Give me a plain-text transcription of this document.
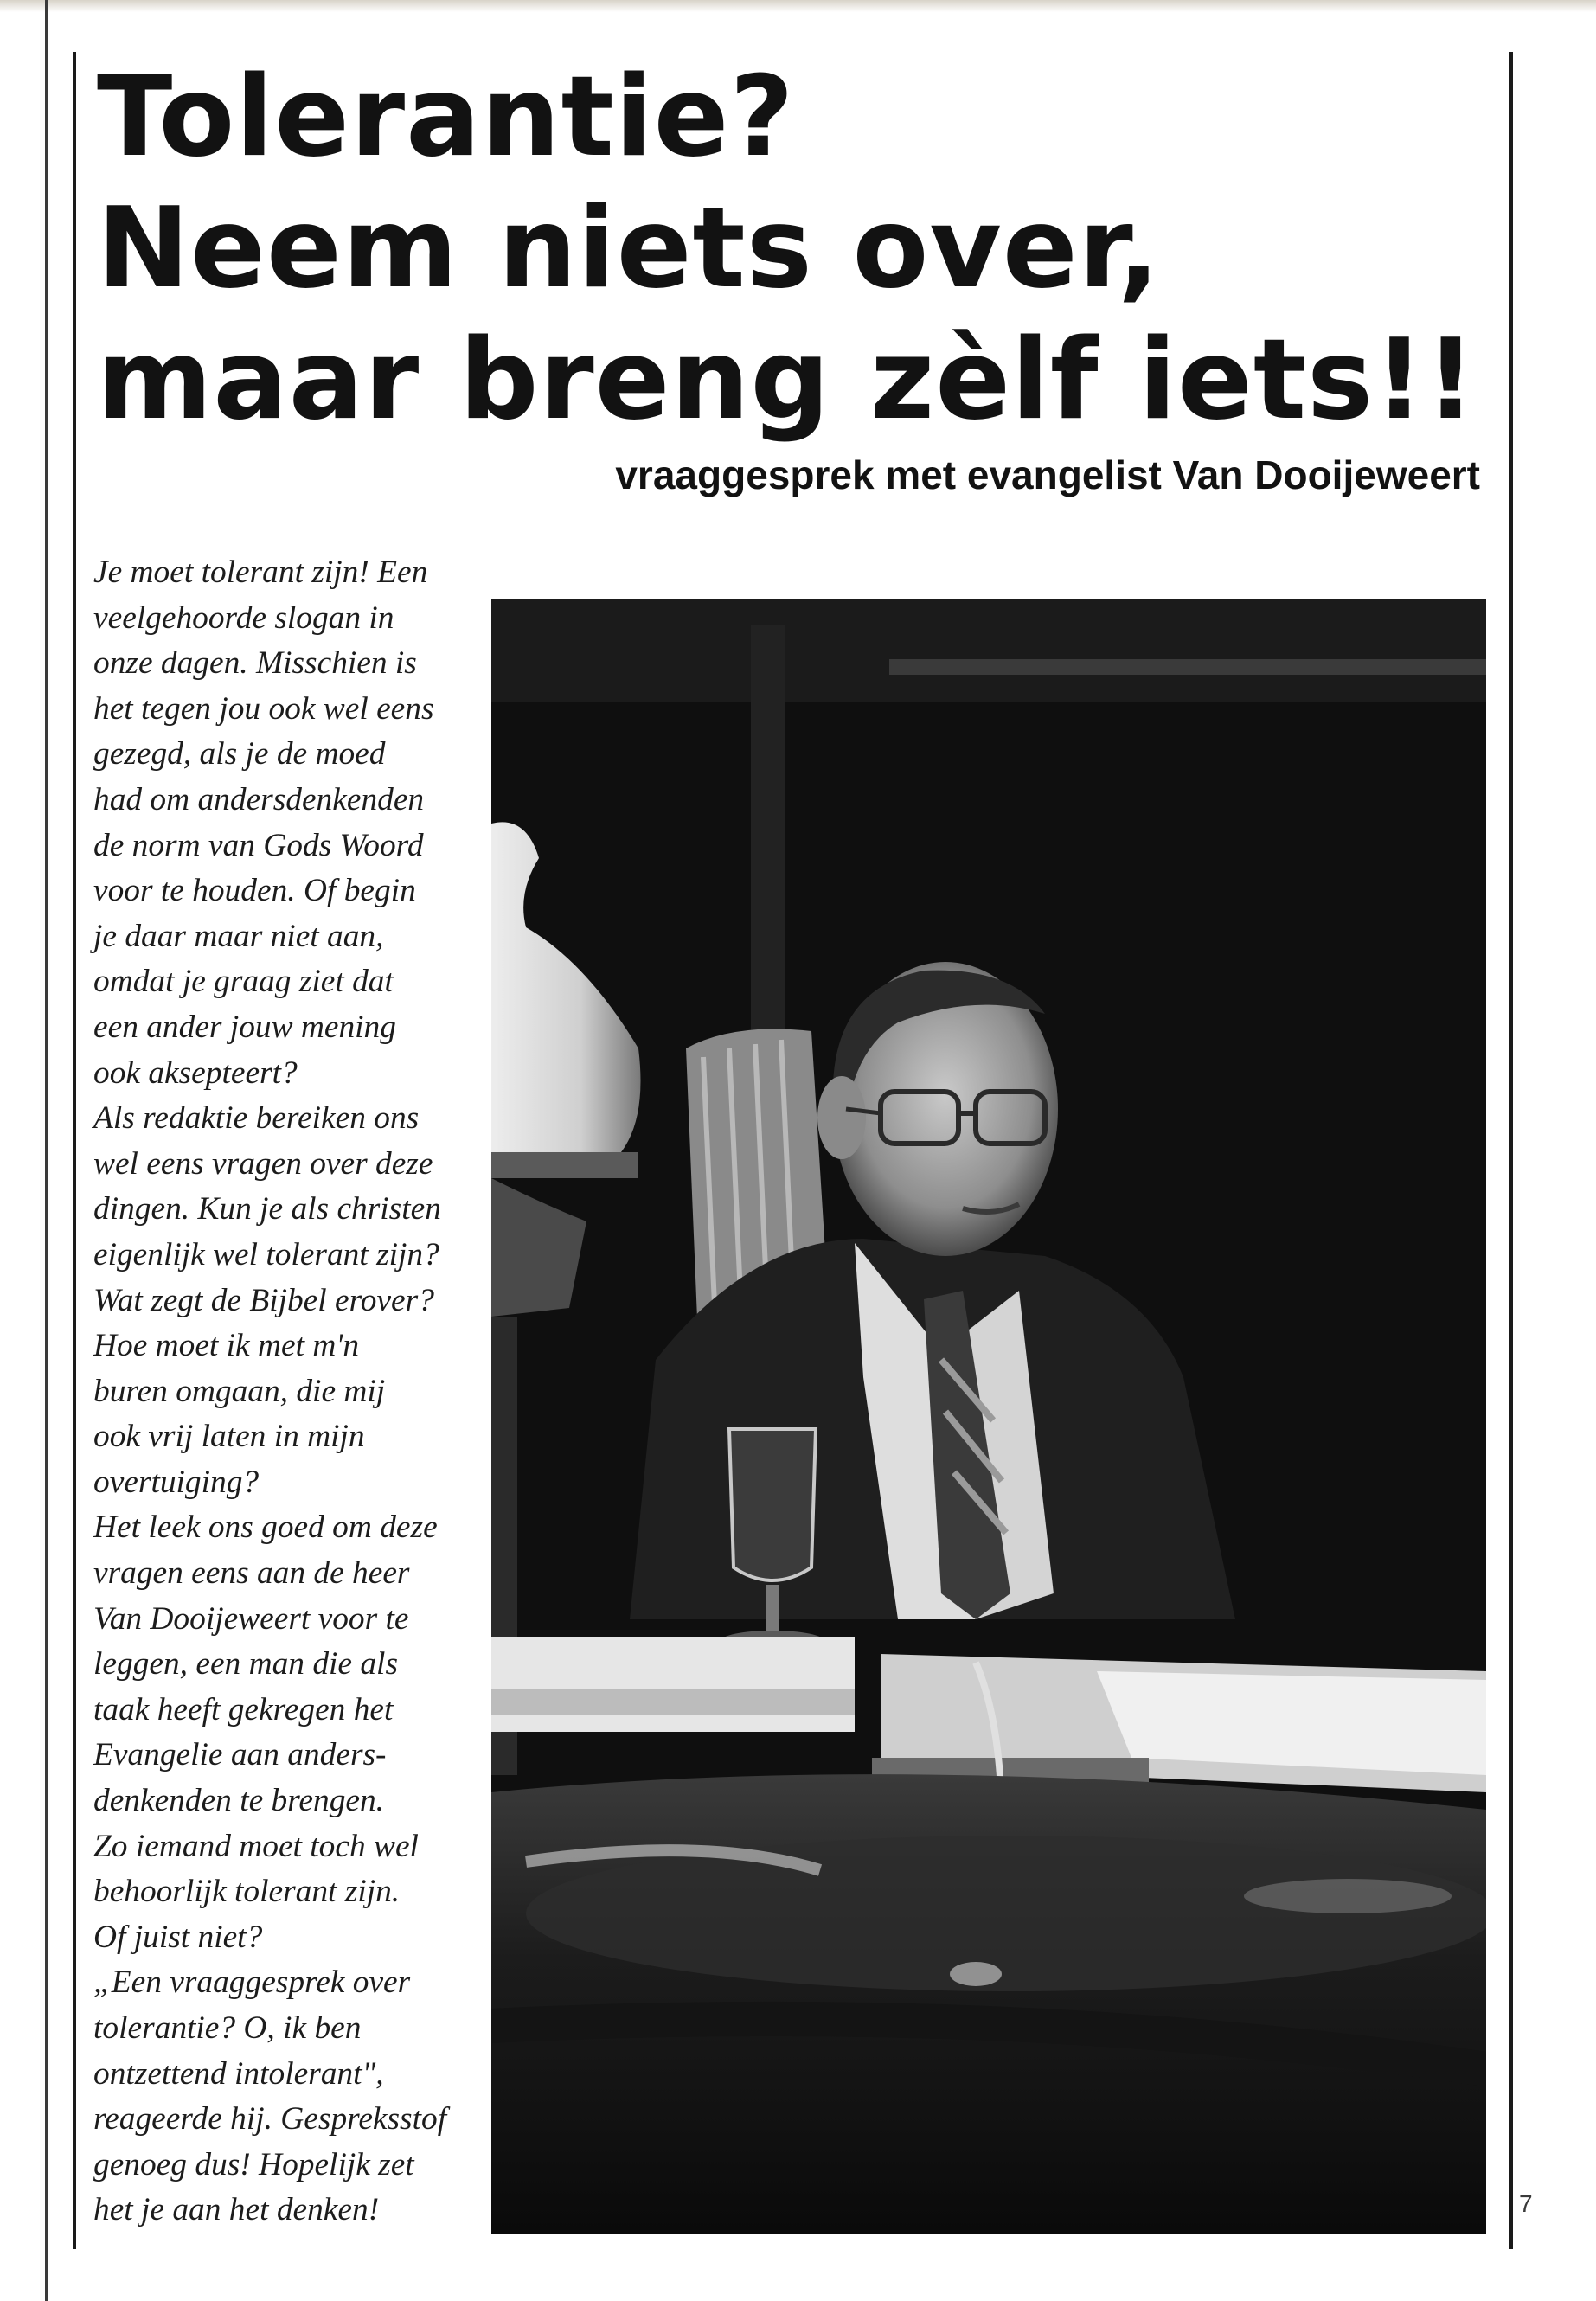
Tolerantie?
Neem niets over,
maar breng zèlf iets!!
vraaggesprek met evangelist Van Dooijeweert
Je moet tolerant zijn! Een
veelgehoorde slogan in
onze dagen. Misschien is
het tegen jou ook wel eens
gezegd, als je de moed
had om andersdenkenden
de norm van Gods Woord
voor te houden. Of begin
je daar maar niet aan,
omdat je graag ziet dat
een ander jouw mening
ook aksepteert?
Als redaktie bereiken ons
wel eens vragen over deze
dingen. Kun je als christen
eigenlijk wel tolerant zijn?
Wat zegt de Bijbel erover?
Hoe moet ik met m'n
buren omgaan, die mij
ook vrij laten in mijn
overtuiging?
Het leek ons goed om deze
vragen eens aan de heer
Van Dooijeweert voor te
leggen, een man die als
taak heeft gekregen het
Evangelie aan anders-
denkenden te brengen.
Zo iemand moet toch wel
behoorlijk tolerant zijn.
Of juist niet?
„Een vraaggesprek over
tolerantie? O, ik ben
ontzettend intolerant",
reageerde hij. Gespreksstof
genoeg dus! Hopelijk zet
het je aan het denken!	7
